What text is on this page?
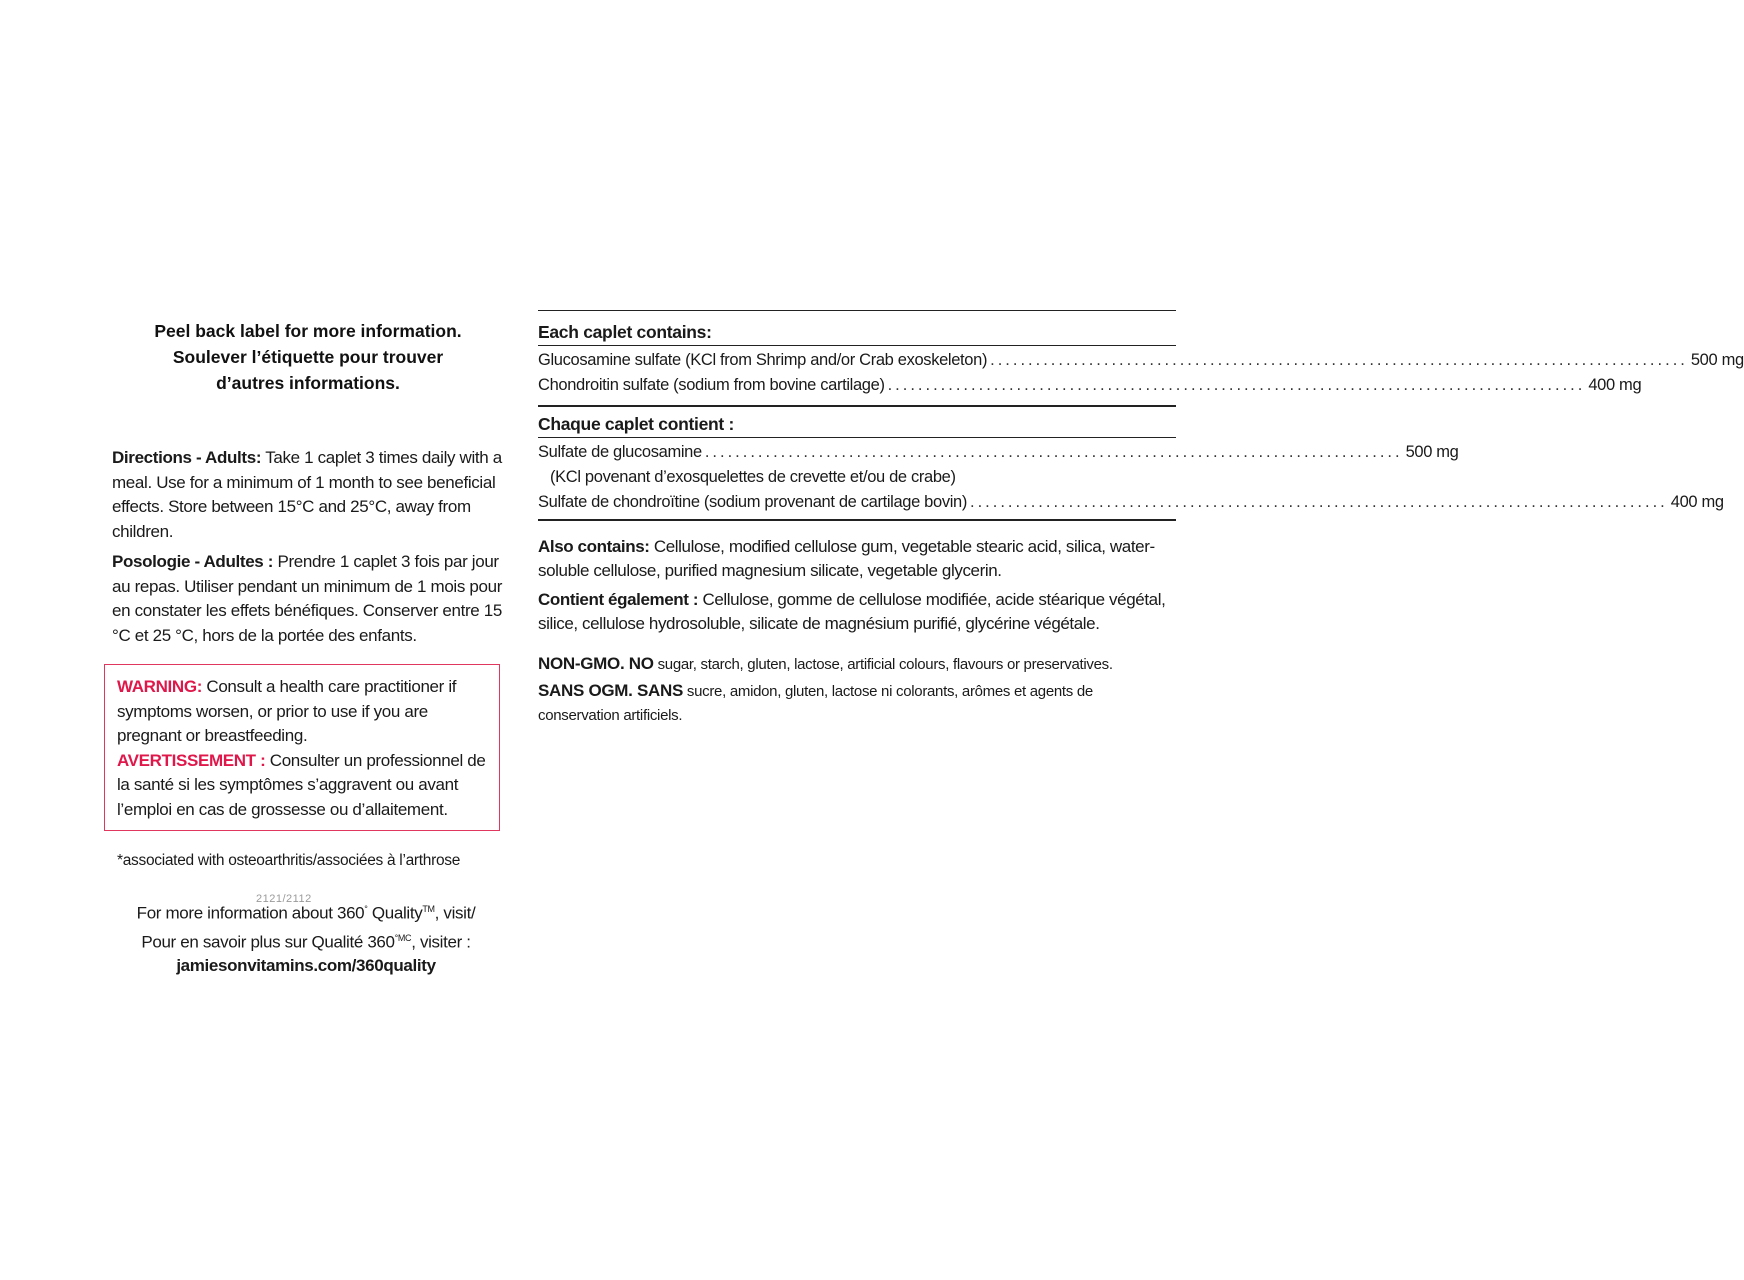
Peel back label for more information.
Soulever l’étiquette pour trouver
d’autres informations.

Directions - Adults: Take 1 caplet 3 times daily with a meal. Use for a minimum of 1 month to see beneficial effects. Store between 15°C and 25°C, away from children.

Posologie - Adultes : Prendre 1 caplet 3 fois par jour au repas. Utiliser pendant un minimum de 1 mois pour en constater les effets bénéfiques. Conserver entre 15 °C et 25 °C, hors de la portée des enfants.

WARNING: Consult a health care practitioner if symptoms worsen, or prior to use if you are pregnant or breastfeeding.

AVERTISSEMENT : Consulter un professionnel de la santé si les symptômes s’aggravent ou avant l’emploi en cas de grossesse ou d’allaitement.

*associated with osteoarthritis/associées à l’arthrose
2121/2112
For more information about 360° Quality™, visit/
Pour en savoir plus sur Qualité $360^{^\circ MC}$, visiter :
jamiesonvitamins.com/360quality
Each caplet contains:
Glucosamine sulfate (KCl from Shrimp and/or Crab exoskeleton) ............................................................................................ 500 mg
Chondroitin sulfate (sodium from bovine cartilage) ............................................................................................ 400 mg
Chaque caplet contient :
Sulfate de glucosamine ............................................................................................ 500 mg
(KCl povenant d’exosquelettes de crevette et/ou de crabe)
Sulfate de chondroïtine (sodium provenant de cartilage bovin) ............................................................................................ 400 mg

Also contains: Cellulose, modified cellulose gum, vegetable stearic acid, silica, water-soluble cellulose, purified magnesium silicate, vegetable glycerin.

Contient également : Cellulose, gomme de cellulose modifiée, acide stéarique végétal, silice, cellulose hydrosoluble, silicate de magnésium purifié, glycérine végétale.

NON-GMO. NO sugar, starch, gluten, lactose, artificial colours, flavours or preservatives.

SANS OGM. SANS sucre, amidon, gluten, lactose ni colorants, arômes et agents de conservation artificiels.
